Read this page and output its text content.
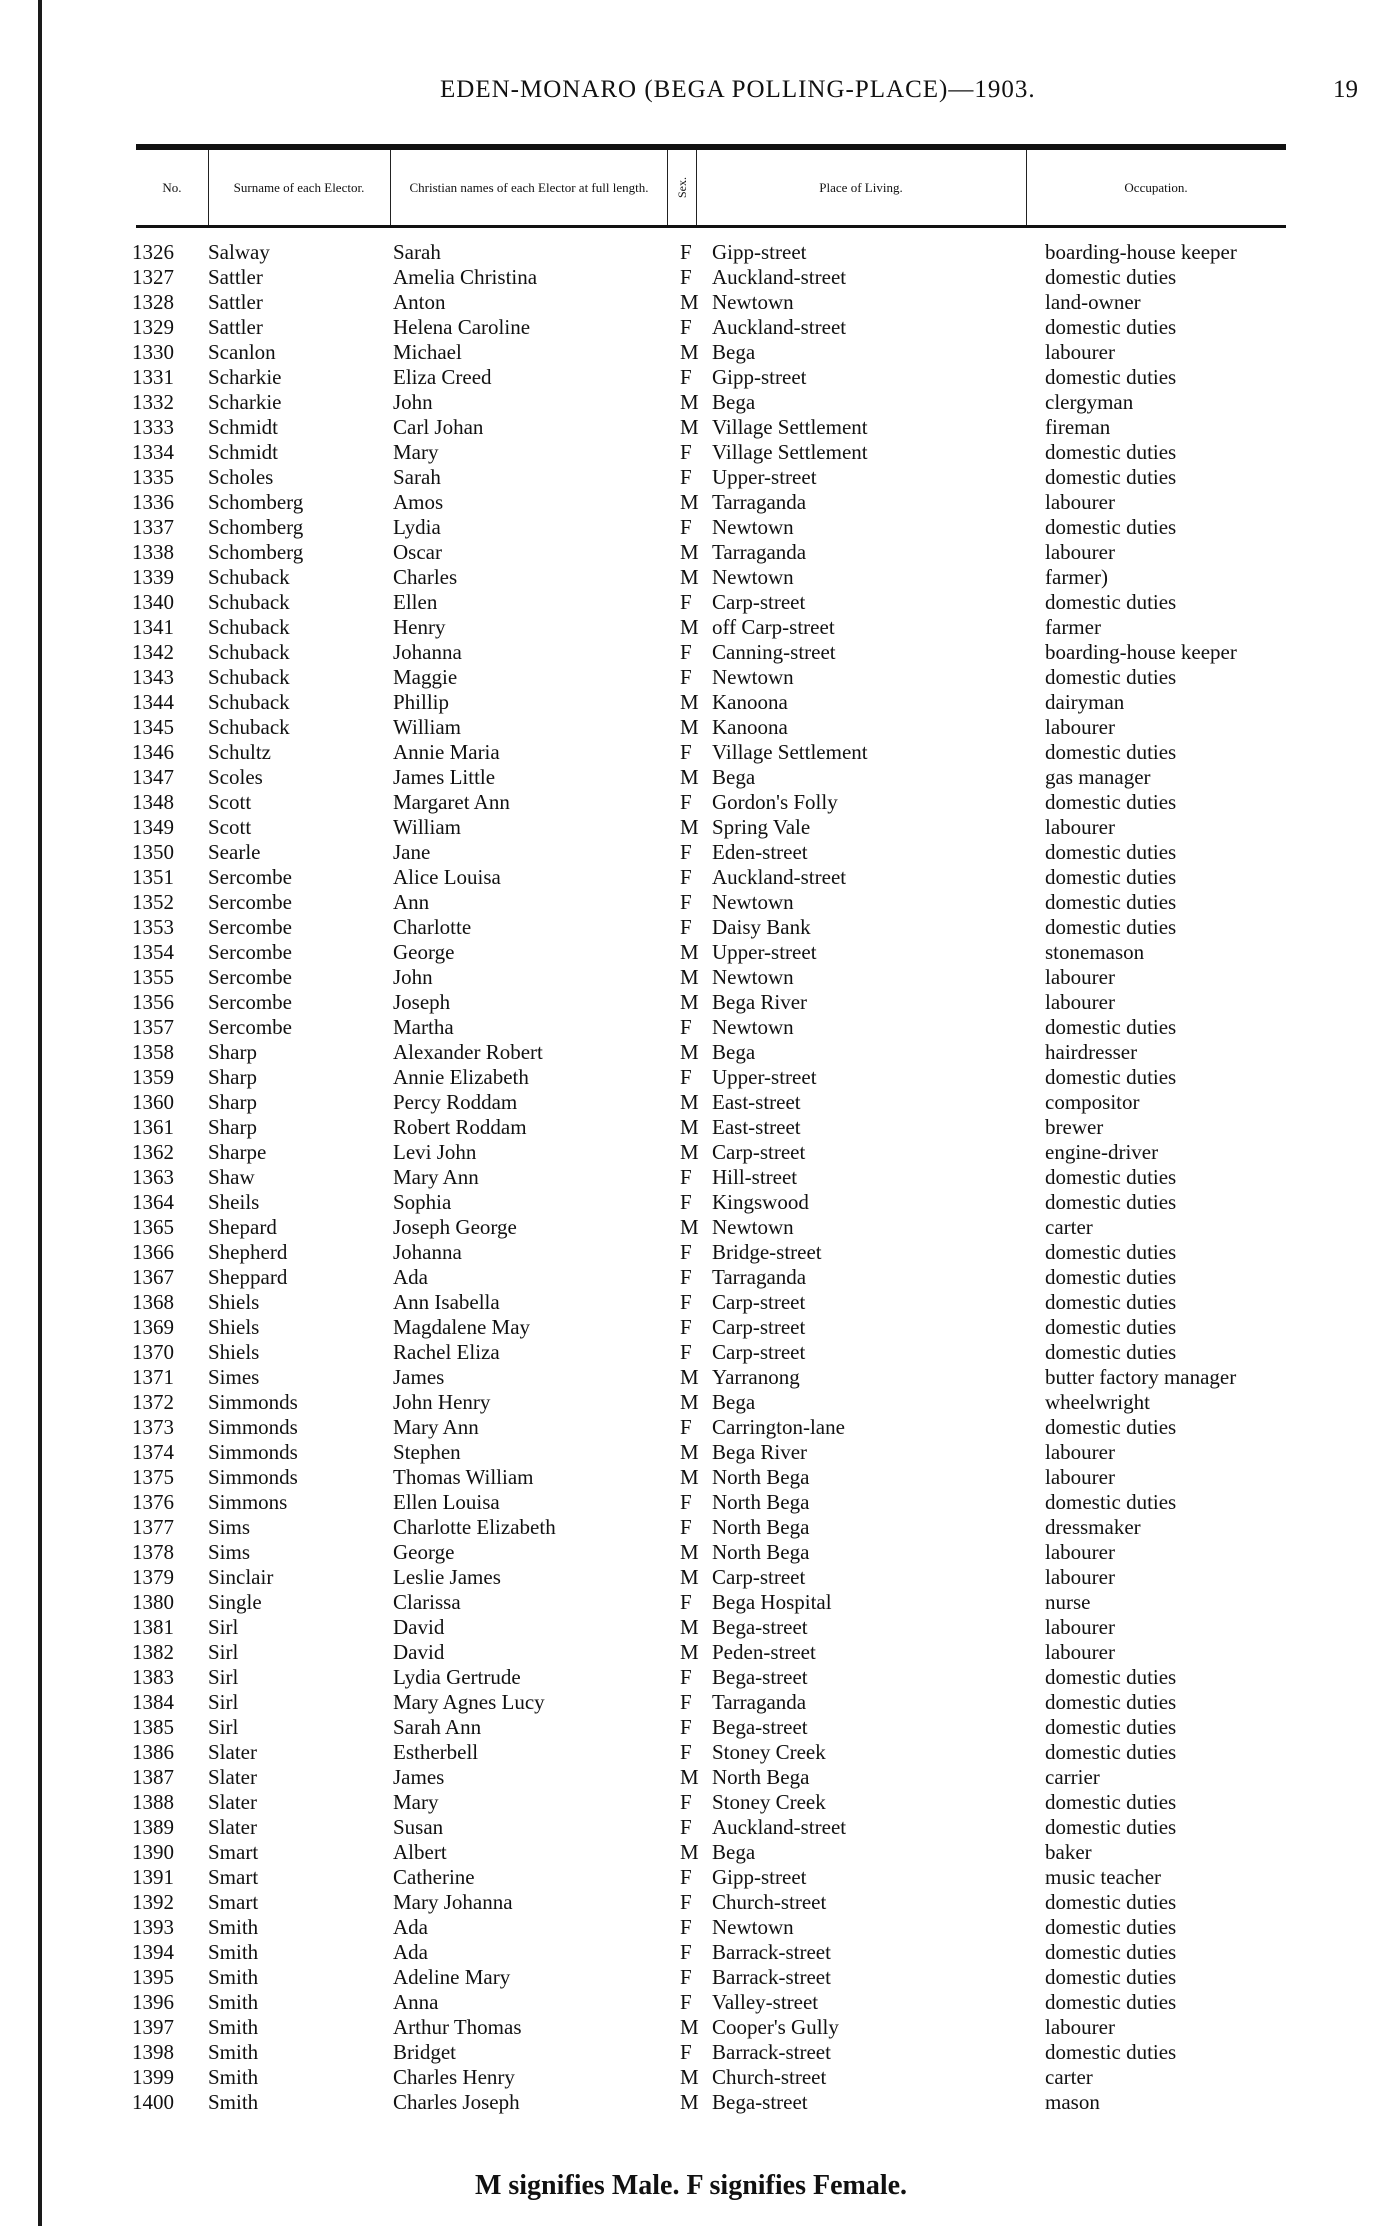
EDEN-MONARO (BEGA POLLING-PLACE)—1903.	19
No.	Surname of each Elector.	Christian names of each Elector at full length.	Sex.	Place of Living.	Occupation.
1326 Salway	Sarah	F Gipp-street	boarding-house keeper
1327 Sattler	Amelia Christina	F Auckland-street	domestic duties
1328 Sattler	Anton	M Newtown	land-owner
1329 Sattler	Helena Caroline	F Auckland-street	domestic duties
1330 Scanlon	Michael	M Bega	labourer
1331 Scharkie	Eliza Creed	F Gipp-street	domestic duties
1332 Scharkie	John	M Bega	clergyman
1333 Schmidt	Carl Johan	M Village Settlement	fireman
1334 Schmidt	Mary	F Village Settlement	domestic duties
1335 Scholes	Sarah	F Upper-street	domestic duties
1336 Schomberg	Amos	M Tarraganda	labourer
1337 Schomberg	Lydia	F Newtown	domestic duties
1338 Schomberg	Oscar	M Tarraganda	labourer
1339 Schuback	Charles	M Newtown	farmer)
1340 Schuback	Ellen	F Carp-street	domestic duties
1341 Schuback	Henry	M off Carp-street	farmer
1342 Schuback	Johanna	F Canning-street	boarding-house keeper
1343 Schuback	Maggie	F Newtown	domestic duties
1344 Schuback	Phillip	M Kanoona	dairyman
1345 Schuback	William	M Kanoona	labourer
1346 Schultz	Annie Maria	F Village Settlement	domestic duties
1347 Scoles	James Little	M Bega	gas manager
1348 Scott	Margaret Ann	F Gordon's Folly	domestic duties
1349 Scott	William	M Spring Vale	labourer
1350 Searle	Jane	F Eden-street	domestic duties
1351 Sercombe	Alice Louisa	F Auckland-street	domestic duties
1352 Sercombe	Ann	F Newtown	domestic duties
1353 Sercombe	Charlotte	F Daisy Bank	domestic duties
1354 Sercombe	George	M Upper-street	stonemason
1355 Sercombe	John	M Newtown	labourer
1356 Sercombe	Joseph	M Bega River	labourer
1357 Sercombe	Martha	F Newtown	domestic duties
1358 Sharp	Alexander Robert	M Bega	hairdresser
1359 Sharp	Annie Elizabeth	F Upper-street	domestic duties
1360 Sharp	Percy Roddam	M East-street	compositor
1361 Sharp	Robert Roddam	M East-street	brewer
1362 Sharpe	Levi John	M Carp-street	engine-driver
1363 Shaw	Mary Ann	F Hill-street	domestic duties
1364 Sheils	Sophia	F Kingswood	domestic duties
1365 Shepard	Joseph George	M Newtown	carter
1366 Shepherd	Johanna	F Bridge-street	domestic duties
1367 Sheppard	Ada	F Tarraganda	domestic duties
1368 Shiels	Ann Isabella	F Carp-street	domestic duties
1369 Shiels	Magdalene May	F Carp-street	domestic duties
1370 Shiels	Rachel Eliza	F Carp-street	domestic duties
1371 Simes	James	M Yarranong	butter factory manager
1372 Simmonds	John Henry	M Bega	wheelwright
1373 Simmonds	Mary Ann	F Carrington-lane	domestic duties
1374 Simmonds	Stephen	M Bega River	labourer
1375 Simmonds	Thomas William	M North Bega	labourer
1376 Simmons	Ellen Louisa	F North Bega	domestic duties
1377 Sims	Charlotte Elizabeth	F North Bega	dressmaker
1378 Sims	George	M North Bega	labourer
1379 Sinclair	Leslie James	M Carp-street	labourer
1380 Single	Clarissa	F Bega Hospital	nurse
1381 Sirl	David	M Bega-street	labourer
1382 Sirl	David	M Peden-street	labourer
1383 Sirl	Lydia Gertrude	F Bega-street	domestic duties
1384 Sirl	Mary Agnes Lucy	F Tarraganda	domestic duties
1385 Sirl	Sarah Ann	F Bega-street	domestic duties
1386 Slater	Estherbell	F Stoney Creek	domestic duties
1387 Slater	James	M North Bega	carrier
1388 Slater	Mary	F Stoney Creek	domestic duties
1389 Slater	Susan	F Auckland-street	domestic duties
1390 Smart	Albert	M Bega	baker
1391 Smart	Catherine	F Gipp-street	music teacher
1392 Smart	Mary Johanna	F Church-street	domestic duties
1393 Smith	Ada	F Newtown	domestic duties
1394 Smith	Ada	F Barrack-street	domestic duties
1395 Smith	Adeline Mary	F Barrack-street	domestic duties
1396 Smith	Anna	F Valley-street	domestic duties
1397 Smith	Arthur Thomas	M Cooper's Gully	labourer
1398 Smith	Bridget	F Barrack-street	domestic duties
1399 Smith	Charles Henry	M Church-street	carter
1400 Smith	Charles Joseph	M Bega-street	mason
M signifies Male. F signifies Female.
